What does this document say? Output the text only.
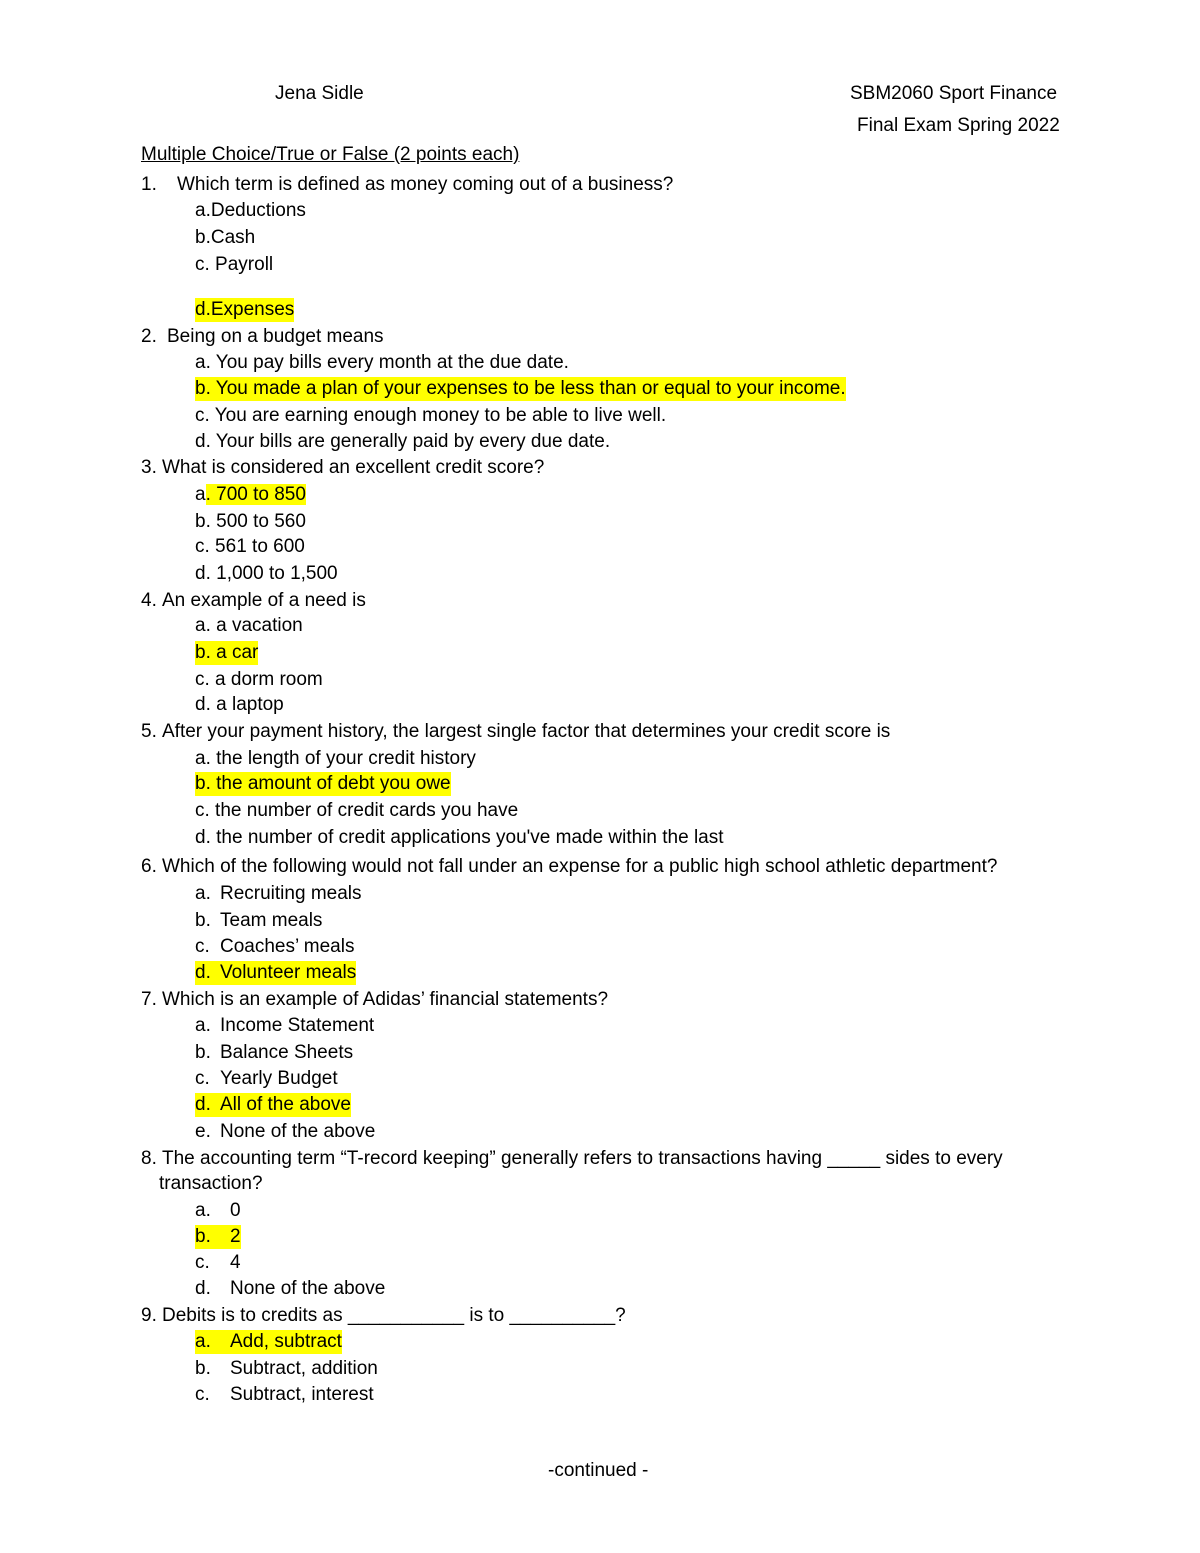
Jena Sidle	SBM2060 Sport Finance
Final Exam Spring 2022
Multiple Choice/True or False (2 points each)
1. Which term is defined as money coming out of a business?
a.Deductions
b.Cash
c. Payroll
d.Expenses
2. Being on a budget means
a. You pay bills every month at the due date.
b. You made a plan of your expenses to be less than or equal to your income.
c. You are earning enough money to be able to live well.
d. Your bills are generally paid by every due date.
3. What is considered an excellent credit score?
a. 700 to 850
b. 500 to 560
c. 561 to 600
d. 1,000 to 1,500
4. An example of a need is
a. a vacation
b. a car
c. a dorm room
d. a laptop
5. After your payment history, the largest single factor that determines your credit score is
a. the length of your credit history
b. the amount of debt you owe
c. the number of credit cards you have
d. the number of credit applications you've made within the last
6. Which of the following would not fall under an expense for a public high school athletic department?
a. Recruiting meals
b. Team meals
c. Coaches’ meals
d. Volunteer meals
7. Which is an example of Adidas’ financial statements?
a. Income Statement
b. Balance Sheets
c. Yearly Budget
d. All of the above
e. None of the above
8. The accounting term “T-record keeping” generally refers to transactions having _____ sides to every
transaction?
a. 0
b. 2
c. 4
d. None of the above
9. Debits is to credits as ___________ is to __________?
a. Add, subtract
b. Subtract, addition
c. Subtract, interest
-continued -
